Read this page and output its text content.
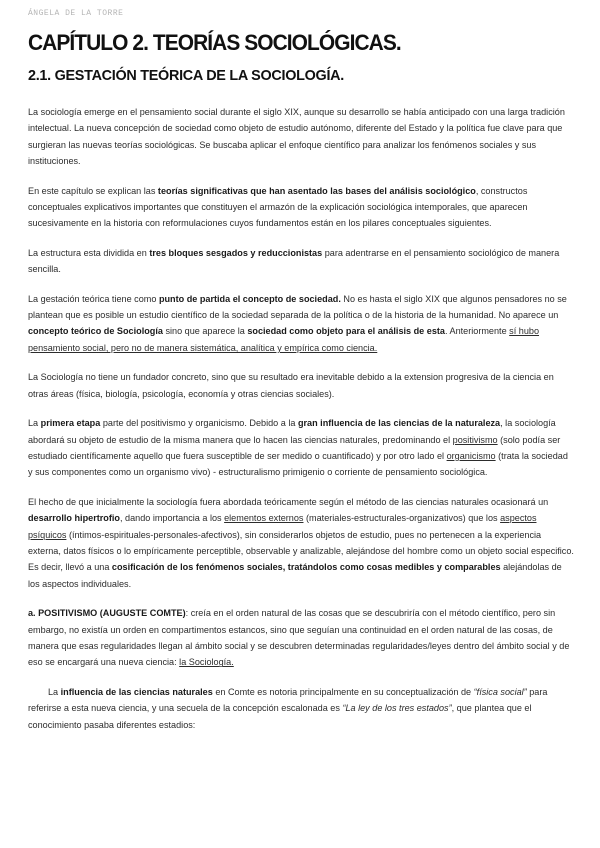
ÁNGELA DE LA TORRE
CAPÍTULO 2. TEORÍAS SOCIOLÓGICAS.
2.1. GESTACIÓN TEÓRICA DE LA SOCIOLOGÍA.

La sociología emerge en el pensamiento social durante el siglo XIX, aunque su desarrollo se había anticipado con una larga tradición intelectual. La nueva concepción de sociedad como objeto de estudio autónomo, diferente del Estado y la política fue clave para que surgieran las nuevas teorías sociológicas. Se buscaba aplicar el enfoque científico para analizar los fenómenos sociales y sus instituciones.

En este capítulo se explican las teorías significativas que han asentado las bases del análisis sociológico, constructos conceptuales explicativos importantes que constituyen el armazón de la explicación sociológica intemporales, que aparecen sucesivamente en la historia con reformulaciones cuyos fundamentos están en los pilares conceptuales siguientes.

La estructura esta dividida en tres bloques sesgados y reduccionistas para adentrarse en el pensamiento sociológico de manera sencilla.

La gestación teórica tiene como punto de partida el concepto de sociedad. No es hasta el siglo XIX que algunos pensadores no se plantean que es posible un estudio científico de la sociedad separada de la política o de la historia de la humanidad. No aparece un concepto teórico de Sociología sino que aparece la sociedad como objeto para el análisis de esta. Anteriormente sí hubo pensamiento social, pero no de manera sistemática, analítica y empírica como ciencia.

La Sociología no tiene un fundador concreto, sino que su resultado era inevitable debido a la extension progresiva de la ciencia en otras áreas (física, biología, psicología, economía y otras ciencias sociales).

La primera etapa parte del positivismo y organicismo. Debido a la gran influencia de las ciencias de la naturaleza, la sociología abordará su objeto de estudio de la misma manera que lo hacen las ciencias naturales, predominando el positivismo (solo podía ser estudiado científicamente aquello que fuera susceptible de ser medido o cuantificado) y por otro lado el organicismo (trata la sociedad y sus componentes como un organismo vivo) - estructuralismo primigenio o corriente de pensamiento sociológica.

El hecho de que inicialmente la sociología fuera abordada teóricamente según el método de las ciencias naturales ocasionará un desarrollo hipertrofio, dando importancia a los elementos externos (materiales-estructurales-organizativos) que los aspectos psíquicos (íntimos-espirituales-personales-afectivos), sin considerarlos objetos de estudio, pues no pertenecen a la experiencia externa, datos físicos o lo empíricamente perceptible, observable y analizable, alejándose del hombre como un objeto social especifico. Es decir, llevó a una cosificación de los fenómenos sociales, tratándolos como cosas medibles y comparables alejándolas de los aspectos individuales.

a. POSITIVISMO (AUGUSTE COMTE): creía en el orden natural de las cosas que se descubriría con el método científico, pero sin embargo, no existía un orden en compartimentos estancos, sino que seguían una continuidad en el orden natural de las cosas, de manera que esas regularidades llegan al ámbito social y se descubren determinadas regularidades/leyes dentro del ámbito social y de eso se encargará una nueva ciencia: la Sociología.

La influencia de las ciencias naturales en Comte es notoria principalmente en su conceptualización de “física social” para referirse a esta nueva ciencia, y una secuela de la concepción escalonada es “La ley de los tres estados”, que plantea que el conocimiento pasaba diferentes estadios:
